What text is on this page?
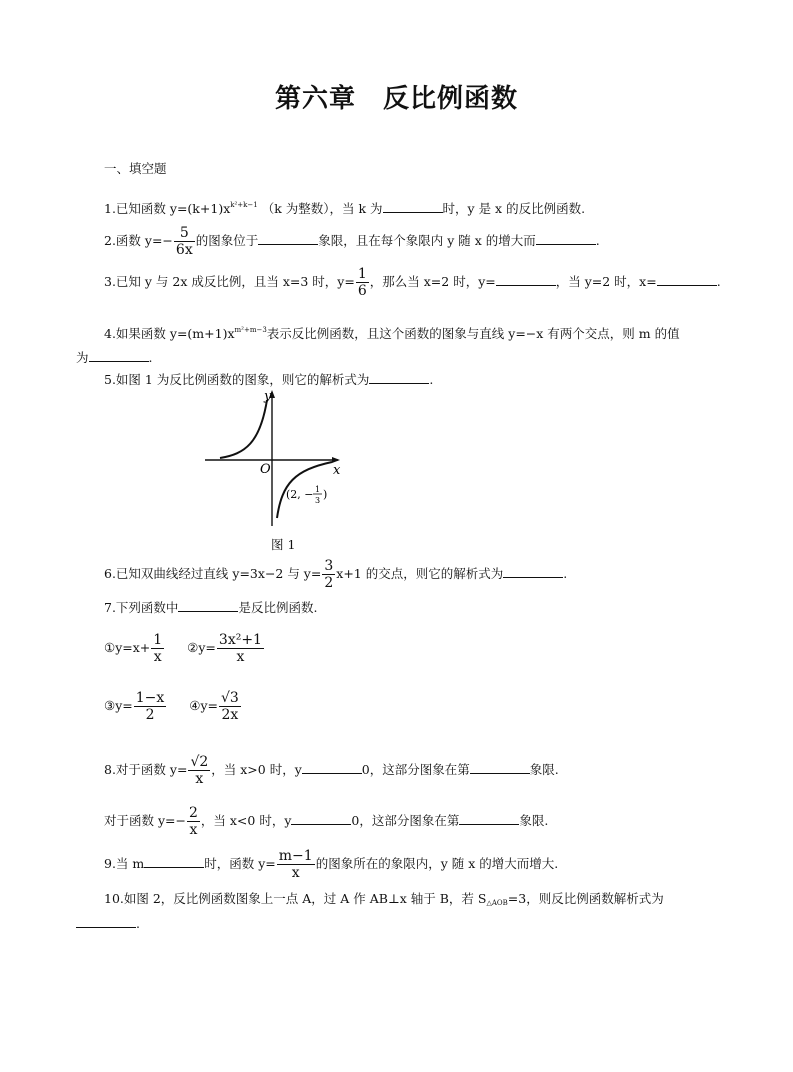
第六章　反比例函数
一、填空题
1.已知函数 $y=(k+1)x^{k^2+k-1}$ （k 为整数），当 k 为	时，y 是 x 的反比例函数.
2.函数 $y=- \frac{5}{6x}$ 的图象位于	象限，且在每个象限内 y 随 x 的增大而	.
3.已知 y 与 2x 成反比例，且当 x=3 时，$y= \frac{1}{6}$ ，那么当 x=2 时，y=	，当 y=2 时，x=	.
4.如果函数 $y=(m+1)x^{m^2+m-3}$表示反比例函数，且这个函数的图象与直线 y=−x 有两个交点，则 m 的值
为	.
5.如图 1 为反比例函数的图象，则它的解析式为	.
y
x
O
(2, − 1
3 )
图 1
6.已知双曲线经过直线 y=3x−2 与 $y= \frac{3}{2} x+1$ 的交点，则它的解析式为	.
7.下列函数中	是反比例函数.
①y=x+ $\frac{1}{x}$ ②y= $\frac{\text{3x²+1}}{x}$
③y= $\frac{1-x}{2}$ ④y= $\frac{√3}{2x}$
8.对于函数 $y= \frac{√2}{x}$ ，当 x>0 时，y	0，这部分图象在第	象限.
对于函数 $y=- \frac{2}{x}$ ，当 x<0 时，y	0，这部分图象在第	象限.
9.当 m	时，函数 $y= \frac{m-1}{x}$ 的图象所在的象限内，y 随 x 的增大而增大.
10.如图 2，反比例函数图象上一点 A，过 A 作 AB⊥x 轴于 B，若 $S_{\triangle AOB}=3$，则反比例函数解析式为
.
